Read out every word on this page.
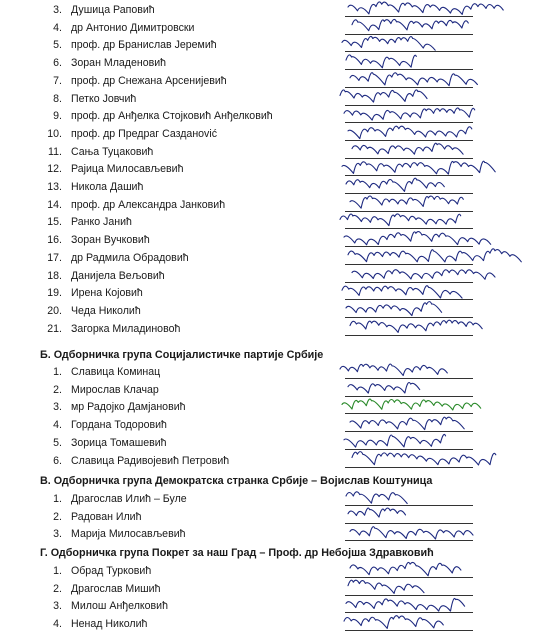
3. Душица Раповић
4. др Антонио Димитровски
5. проф. др Бранислав Јеремић
6. Зоран Младеновић
7. проф. др Снежана Арсенијевић
8. Петко Јовчић
9. проф. др Анђелка Стојковић Анђелковић
10. проф. др Предраг Сазданović
11. Сања Туцаковић
12. Рајица Милосављевић
13. Никола Дашић
14. проф. др Александра Јанковић
15. Ранко Јанић
16. Зоран Вучковић
17. др Радмила Обрадовић
18. Данијела Вељовић
19. Ирена Којовић
20. Чеда Николић
21. Загорка Миладиновоћ
Б. Одборничка група Социјалистичке партије Србије
1. Славица Коминац
2. Мирослав Клачар
3. мр Радојко Дамјановић
4. Гордана Тодоровић
5. Зорица Томашевић
6. Славица Радивојевић Петровић
В. Одборничка група Демократска странка Србије – Војислав Коштуница
1. Драгослав Илић – Буле
2. Радован Илић
3. Марија Милосављевић
Г. Одборничка група Покрет за наш Град – Проф. др Небојша Здравковић
1. Обрад Турковић
2. Драгослав Мишић
3. Милош Анђелковић
4. Ненад Николић
